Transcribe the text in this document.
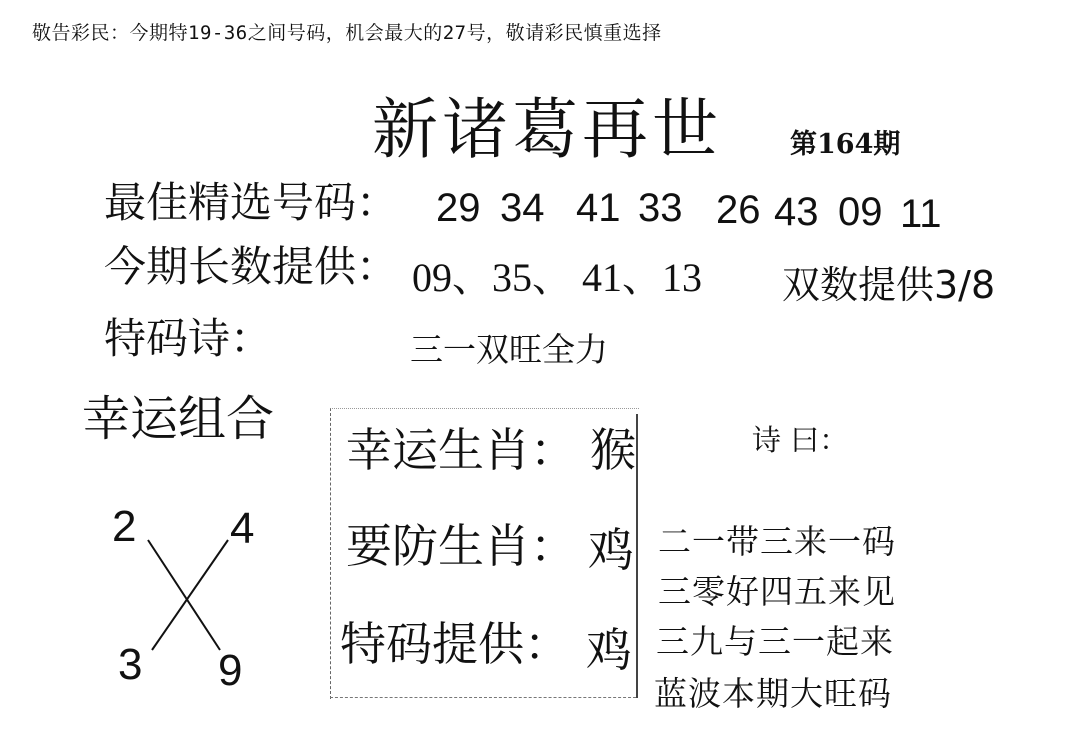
敬告彩民：今期特19-36之间号码，机会最大的27号，敬请彩民慎重选择
新诸葛再世	第164期
最佳精选号码： 29 34 41 33 26 43 09 11
今期长数提供： 09、35、 41、13 双数提供3/8
特码诗：	三一双旺全力
幸运组合
2 4
3 9
幸运生肖： 猴
要防生肖： 鸡
特码提供： 鸡
诗 曰：
二一带三来一码
三零好四五来见
三九与三一起来
蓝波本期大旺码
